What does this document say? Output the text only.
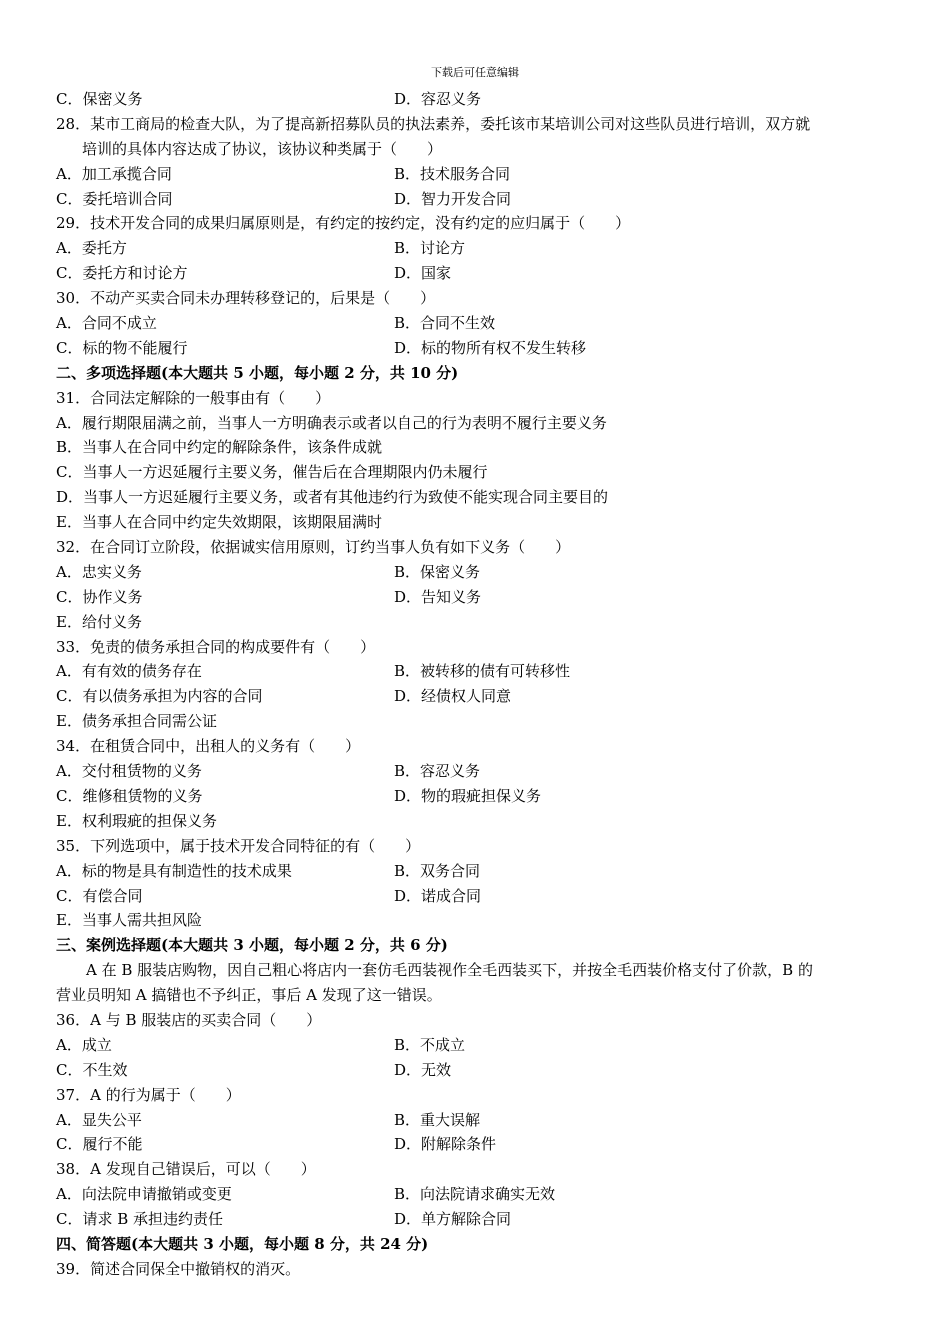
下载后可任意编辑
C．保密义务	D．容忍义务
28．某市工商局的检查大队，为了提高新招募队员的执法素养，委托该市某培训公司对这些队员进行培训，双方就
培训的具体内容达成了协议，该协议种类属于（　　）
A．加工承揽合同	B．技术服务合同
C．委托培训合同	D．智力开发合同
29．技术开发合同的成果归属原则是，有约定的按约定，没有约定的应归属于（　　）
A．委托方	B．讨论方
C．委托方和讨论方	D．国家
30．不动产买卖合同未办理转移登记的，后果是（　　）
A．合同不成立	B．合同不生效
C．标的物不能履行	D．标的物所有权不发生转移
二、多项选择题(本大题共 5 小题，每小题 2 分，共 10 分)
31．合同法定解除的一般事由有（　　）
A．履行期限届满之前，当事人一方明确表示或者以自己的行为表明不履行主要义务
B．当事人在合同中约定的解除条件，该条件成就
C．当事人一方迟延履行主要义务，催告后在合理期限内仍未履行
D．当事人一方迟延履行主要义务，或者有其他违约行为致使不能实现合同主要目的
E．当事人在合同中约定失效期限，该期限届满时
32．在合同订立阶段，依据诚实信用原则，订约当事人负有如下义务（　　）
A．忠实义务	B．保密义务
C．协作义务	D．告知义务
E．给付义务
33．免责的债务承担合同的构成要件有（　　）
A．有有效的债务存在	B．被转移的债有可转移性
C．有以债务承担为内容的合同	D．经债权人同意
E．债务承担合同需公证
34．在租赁合同中，出租人的义务有（　　）
A．交付租赁物的义务	B．容忍义务
C．维修租赁物的义务	D．物的瑕疵担保义务
E．权利瑕疵的担保义务
35．下列选项中，属于技术开发合同特征的有（　　）
A．标的物是具有制造性的技术成果	B．双务合同
C．有偿合同	D．诺成合同
E．当事人需共担风险
三、案例选择题(本大题共 3 小题，每小题 2 分，共 6 分)
A 在 B 服装店购物，因自己粗心将店内一套仿毛西装视作全毛西装买下，并按全毛西装价格支付了价款，B 的
营业员明知 A 搞错也不予纠正，事后 A 发现了这一错误。
36．A 与 B 服装店的买卖合同（　　）
A．成立	B．不成立
C．不生效	D．无效
37．A 的行为属于（　　）
A．显失公平	B．重大误解
C．履行不能	D．附解除条件
38．A 发现自己错误后，可以（　　）
A．向法院申请撤销或变更	B．向法院请求确实无效
C．请求 B 承担违约责任	D．单方解除合同
四、简答题(本大题共 3 小题，每小题 8 分，共 24 分)
39．简述合同保全中撤销权的消灭。
